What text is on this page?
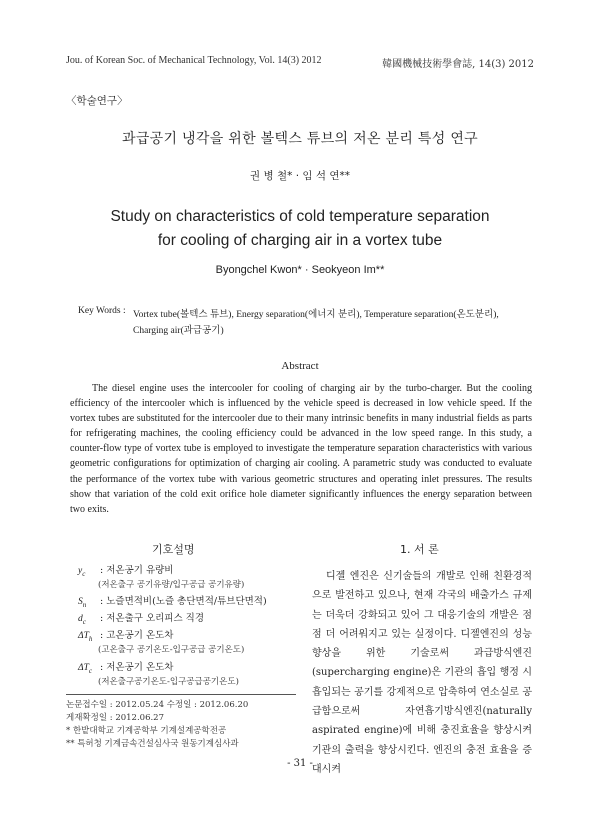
Jou. of Korean Soc. of Mechanical Technology, Vol. 14(3) 2012	韓國機械技術學會誌, 14(3) 2012
〈학술연구〉
과급공기 냉각을 위한 볼텍스 튜브의 저온 분리 특성 연구
권 병 철* · 임 석 연**
Study on characteristics of cold temperature separation
for cooling of charging air in a vortex tube
Byongchel Kwon* · Seokyeon Im**
Key Words : Vortex tube(볼텍스 튜브), Energy separation(에너지 분리), Temperature separation(온도분리),
Charging air(과급공기)
Abstract
The diesel engine uses the intercooler for cooling of charging air by the turbo-charger. But the cooling efficiency of the intercooler which is influenced by the vehicle speed is decreased in low vehicle speed. If the vortex tubes are substituted for the intercooler due to their many intrinsic benefits in many industrial fields as parts for refrigerating machines, the cooling efficiency could be advanced in the low speed range. In this study, a counter-flow type of vortex tube is employed to investigate the temperature separation characteristics with various geometric configurations for optimization of charging air cooling. A parametric study was conducted to evaluate the performance of the vortex tube with various geometric structures and operating inlet pressures. The results show that variation of the cold exit orifice hole diameter significantly influences the energy separation between two exits.
기호설명
$y_c$ : 저온공기 유량비
(저온출구 공기유량/입구공급 공기유량)
$S_n$ : 노즐면적비(노즐 총단면적/튜브단면적)
$d_c$ : 저온출구 오리피스 직경
$\Delta T_h$ : 고온공기 온도차
(고온출구 공기온도-입구공급 공기온도)
$\Delta T_c$ : 저온공기 온도차
(저온출구공기온도-입구공급공기온도)
논문접수일 : 2012.05.24 수정일 : 2012.06.20
게재확정일 : 2012.06.27
* 한밭대학교 기계공학부 기계설계공학전공
** 특허청 기계금속건설심사국 원동기계심사과
1. 서 론
디젤 엔진은 신기술들의 개발로 인해 친환경적으로 발전하고 있으나, 현재 각국의 배출가스 규제는 더욱더 강화되고 있어 그 대응기술의 개발은 점점 더 어려워지고 있는 실정이다. 디젤엔진의 성능 향상을 위한 기술로써 과급방식엔진(supercharging engine)은 기관의 흡입 행정 시 흡입되는 공기를 강제적으로 압축하여 연소실로 공급함으로써 자연흡기방식엔진(naturally aspirated engine)에 비해 충진효율을 향상시켜 기관의 출력을 향상시킨다. 엔진의 충전 효율을 증대시켜
- 31 -
